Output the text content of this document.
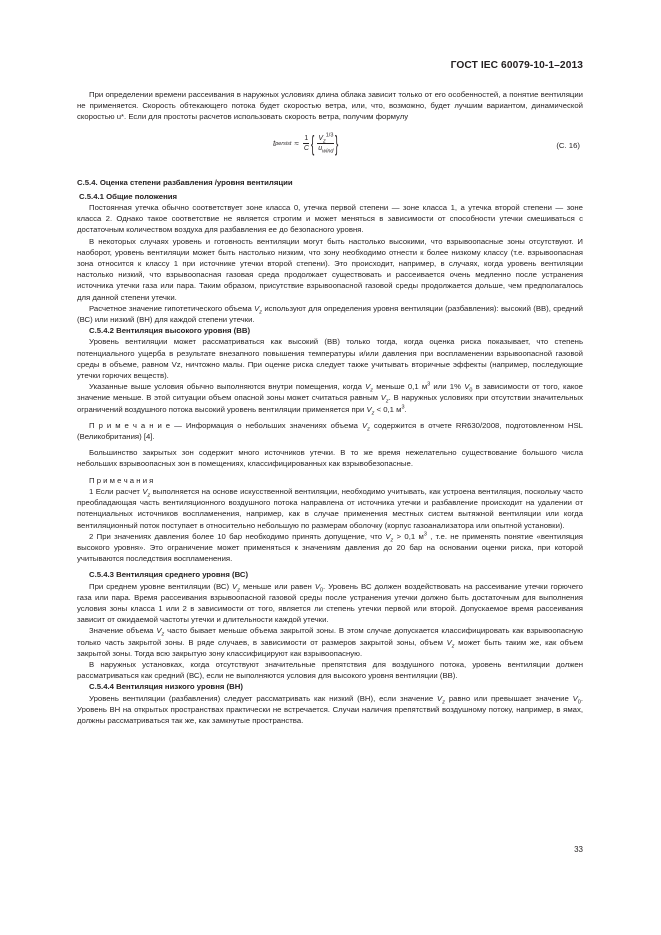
ГОСТ IEC 60079-10-1–2013

При определении времени рассеивания в наружных условиях длина облака зависит только от его особенностей, а понятие вентиляции не применяется. Скорость обтекающего потока будет скоростью ветра, или, что, возможно, будет лучшим вариантом, динамической скоростью u*. Если для простоты расчетов использовать скорость ветра, получим формулу

t persist ≈ $\frac{1}{C}$ { $\frac{V_z^{1/3}}{u_{wind}}$ }	(С. 16)

С.5.4. Оценка степени разбавления /уровня вентиляции

С.5.4.1 Общие положения

Постоянная утечка обычно соответствует зоне класса 0, утечка первой степени — зоне класса 1, а утечка второй степени — зоне класса 2. Однако такое соответствие не является строгим и может меняться в зависимости от способности утечки смешиваться с достаточным количеством воздуха для разбавления ее до безопасного уровня.

В некоторых случаях уровень и готовность вентиляции могут быть настолько высокими, что взрывоопасные зоны отсутствуют. И наоборот, уровень вентиляции может быть настолько низким, что зону необходимо отнести к более низкому классу (т.е. взрывоопасная зона относится к классу 1 при источнике утечки второй степени). Это происходит, например, в случаях, когда уровень вентиляции настолько низкий, что взрывоопасная газовая среда продолжает существовать и рассеивается очень медленно после устранения источника утечки газа или пара. Таким образом, присутствие взрывоопасной газовой среды продолжается дольше, чем предполагалось для данной степени утечки.

Расчетное значение гипотетического объема $V_z$ используют для определения уровня вентиляции (разбавления): высокий (ВВ), средний (ВС) или низкий (ВН) для каждой степени утечки.

С.5.4.2 Вентиляция высокого уровня (ВВ)

Уровень вентиляции может рассматриваться как высокий (ВВ) только тогда, когда оценка риска показывает, что степень потенциального ущерба в результате внезапного повышения температуры и/или давления при воспламенении взрывоопасной газовой среды в объеме, равном Vz, ничтожно малы. При оценке риска следует также учитывать вторичные эффекты (например, последующие утечки горючих веществ).

Указанные выше условия обычно выполняются внутри помещения, когда $V_z$ меньше 0,1 $м^3$ или 1% $V_0$ в зависимости от того, какое значение меньше. В этой ситуации объем опасной зоны может считаться равным $V_z$. В наружных условиях при отсутствии значительных ограничений воздушного потока высокий уровень вентиляции применяется при $V_z < 0,1$ $м^3$.

П р и м е ч а н и е — Информация о небольших значениях объема $V_z$ содержится в отчете RR630/2008, подготовленном HSL (Великобритания) [4].

Большинство закрытых зон содержит много источников утечки. В то же время нежелательно существование большого числа небольших взрывоопасных зон в помещениях, классифицированных как взрывобезопасные.

П р и м е ч а н и я

1 Если расчет $V_z$ выполняется на основе искусственной вентиляции, необходимо учитывать, как устроена вентиляция, поскольку часто преобладающая часть вентиляционного воздушного потока направлена от источника утечки и разбавление происходит на удалении от потенциальных источников воспламенения, например, как в случае применения местных систем вытяжной вентиляции или когда вентиляционный поток поступает в относительно небольшую по размерам оболочку (корпус газоанализатора или опытной установки).

2 При значениях давления более 10 бар необходимо принять допущение, что $V_z > 0,1$ $м^3$ , т.е. не применять понятие «вентиляция высокого уровня». Это ограничение может применяться к значениям давления до 20 бар на основании оценки риска, при которой учитываются последствия воспламенения.

С.5.4.3 Вентиляция среднего уровня (ВС)

При среднем уровне вентиляции (ВС) $V_z$ меньше или равен $V_0$. Уровень ВС должен воздействовать на рассеивание утечки горючего газа или пара. Время рассеивания взрывоопасной газовой среды после устранения утечки должно быть достаточным для выполнения условия зоны класса 1 или 2 в зависимости от того, является ли степень утечки первой или второй. Допускаемое время рассеивания зависит от ожидаемой частоты утечки и длительности каждой утечки.

Значение объема $V_z$ часто бывает меньше объема закрытой зоны. В этом случае допускается классифицировать как взрывоопасную только часть закрытой зоны. В ряде случаев, в зависимости от размеров закрытой зоны, объем $V_z$ может быть таким же, как объем закрытой зоны. Тогда всю закрытую зону классифицируют как взрывоопасную.

В наружных установках, когда отсутствуют значительные препятствия для воздушного потока, уровень вентиляции должен рассматриваться как средний (ВС), если не выполняются условия для высокого уровня вентиляции (ВВ).

С.5.4.4 Вентиляция низкого уровня (ВН)

Уровень вентиляции (разбавления) следует рассматривать как низкий (ВН), если значение $V_z$ равно или превышает значение $V_0$. Уровень ВН на открытых пространствах практически не встречается. Случаи наличия препятствий воздушному потоку, например, в ямах, должны рассматриваться так же, как замкнутые пространства.

33
